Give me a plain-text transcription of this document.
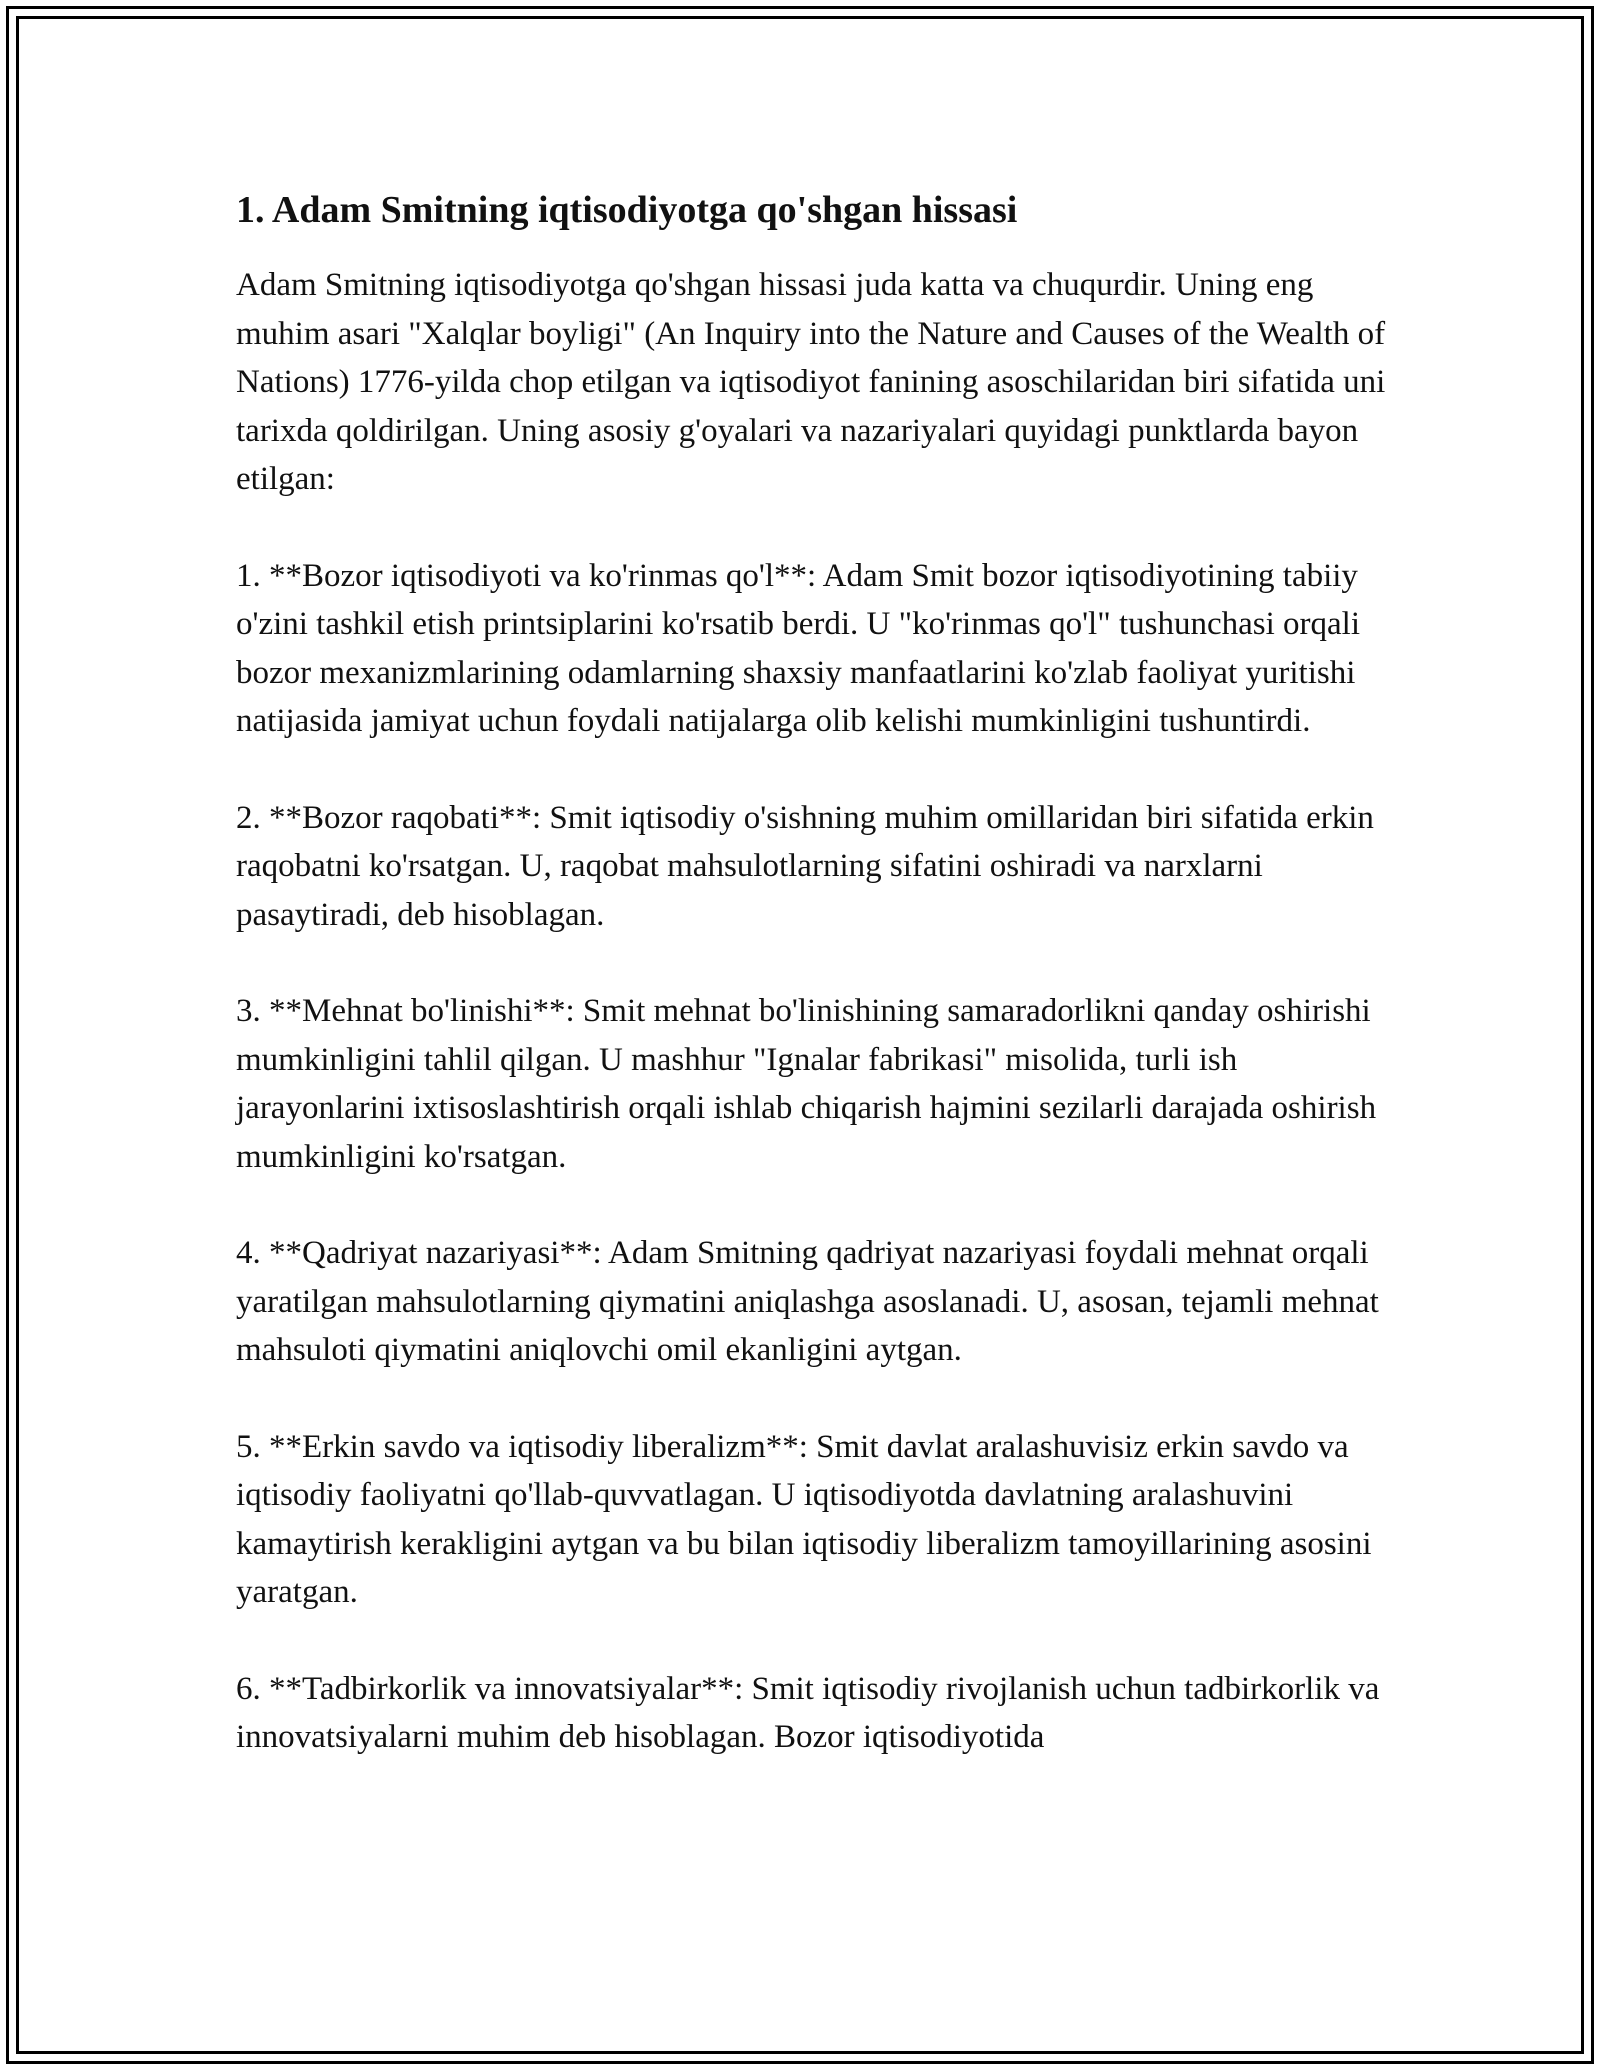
1. Adam Smitning iqtisodiyotga qo'shgan hissasi

Adam Smitning iqtisodiyotga qo'shgan hissasi juda katta va chuqurdir. Uning eng muhim asari "Xalqlar boyligi" (An Inquiry into the Nature and Causes of the Wealth of Nations) 1776-yilda chop etilgan va iqtisodiyot fanining asoschilaridan biri sifatida uni tarixda qoldirilgan. Uning asosiy g'oyalari va nazariyalari quyidagi punktlarda bayon etilgan:

1. **Bozor iqtisodiyoti va ko'rinmas qo'l**: Adam Smit bozor iqtisodiyotining tabiiy o'zini tashkil etish printsiplarini ko'rsatib berdi. U "ko'rinmas qo'l" tushunchasi orqali bozor mexanizmlarining odamlarning shaxsiy manfaatlarini ko'zlab faoliyat yuritishi natijasida jamiyat uchun foydali natijalarga olib kelishi mumkinligini tushuntirdi.

2. **Bozor raqobati**: Smit iqtisodiy o'sishning muhim omillaridan biri sifatida erkin raqobatni ko'rsatgan. U, raqobat mahsulotlarning sifatini oshiradi va narxlarni pasaytiradi, deb hisoblagan.

3. **Mehnat bo'linishi**: Smit mehnat bo'linishining samaradorlikni qanday oshirishi mumkinligini tahlil qilgan. U mashhur "Ignalar fabrikasi" misolida, turli ish jarayonlarini ixtisoslashtirish orqali ishlab chiqarish hajmini sezilarli darajada oshirish mumkinligini ko'rsatgan.

4. **Qadriyat nazariyasi**: Adam Smitning qadriyat nazariyasi foydali mehnat orqali yaratilgan mahsulotlarning qiymatini aniqlashga asoslanadi. U, asosan, tejamli mehnat mahsuloti qiymatini aniqlovchi omil ekanligini aytgan.

5. **Erkin savdo va iqtisodiy liberalizm**: Smit davlat aralashuvisiz erkin savdo va iqtisodiy faoliyatni qo'llab-quvvatlagan. U iqtisodiyotda davlatning aralashuvini kamaytirish kerakligini aytgan va bu bilan iqtisodiy liberalizm tamoyillarining asosini yaratgan.

6. **Tadbirkorlik va innovatsiyalar**: Smit iqtisodiy rivojlanish uchun tadbirkorlik va innovatsiyalarni muhim deb hisoblagan. Bozor iqtisodiyotida
